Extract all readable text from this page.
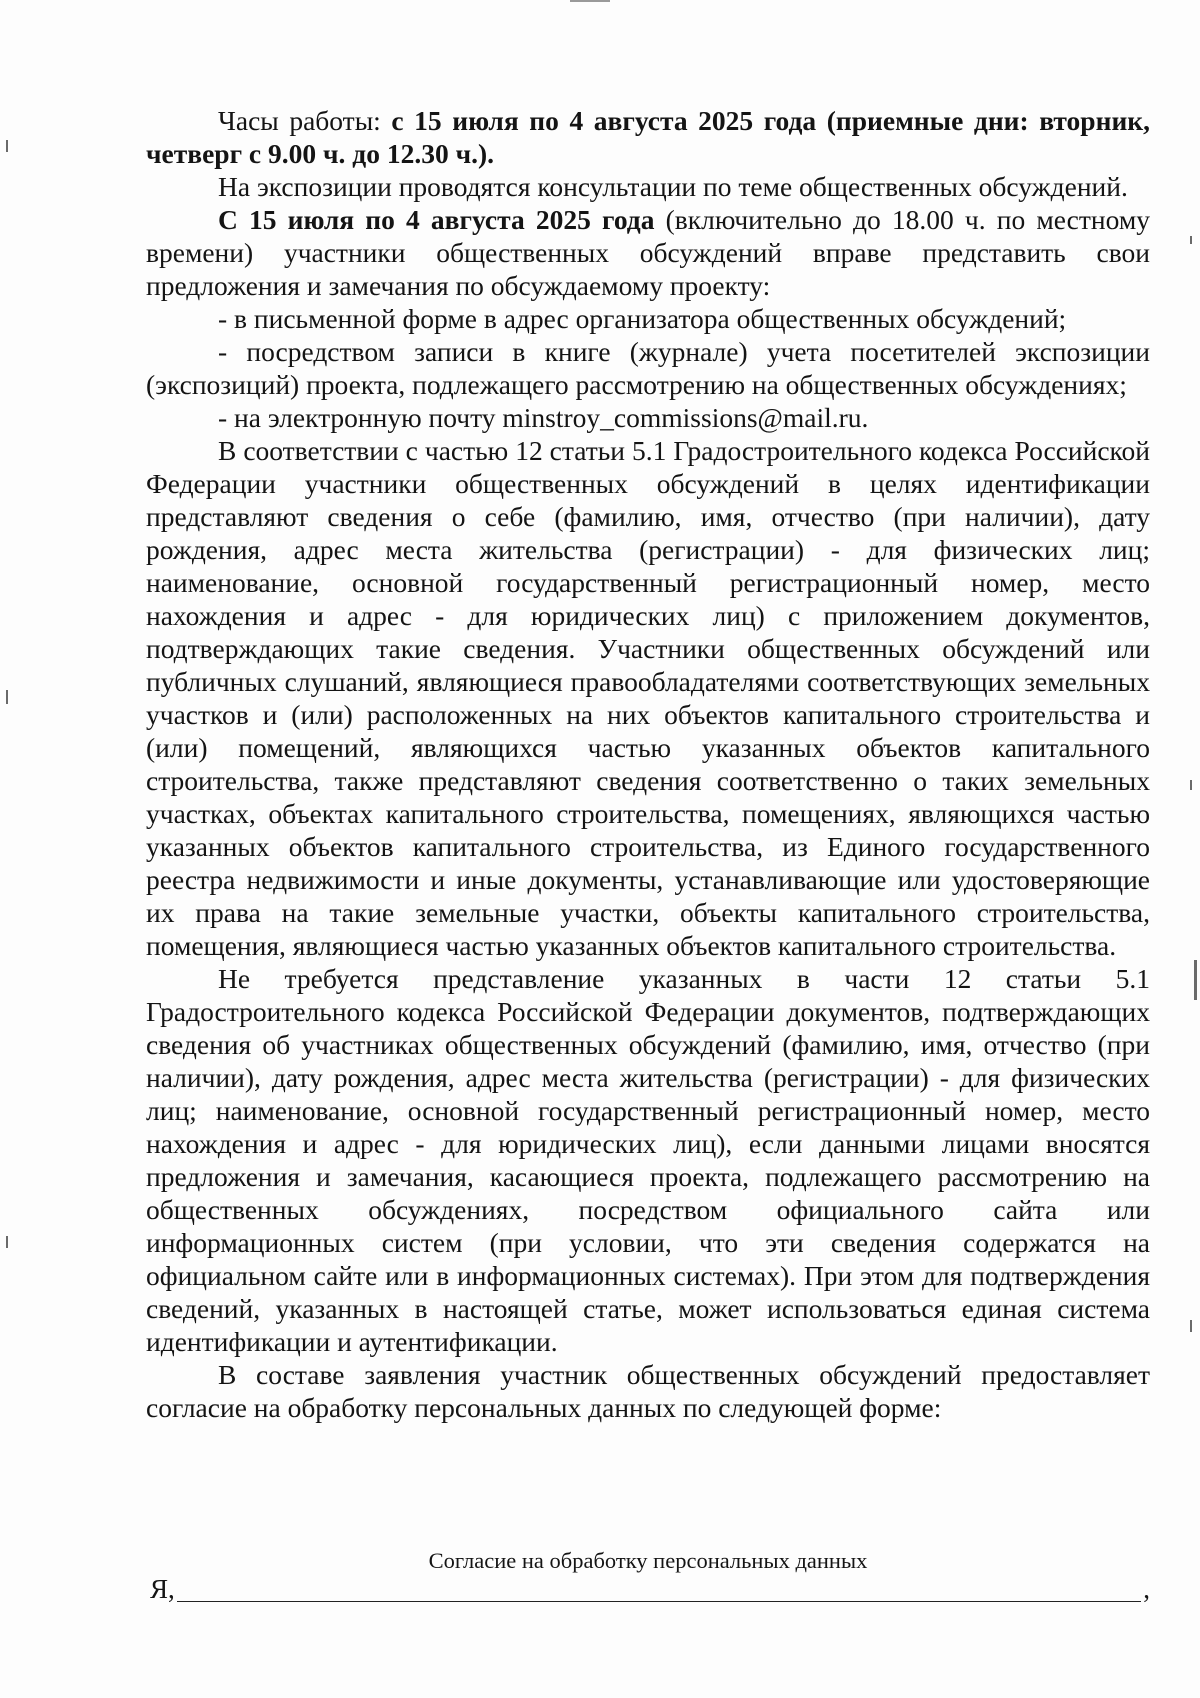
Часы работы: с 15 июля по 4 августа 2025 года (приемные дни: вторник, четверг с 9.00 ч. до 12.30 ч.).

На экспозиции проводятся консультации по теме общественных обсуждений.

С 15 июля по 4 августа 2025 года (включительно до 18.00 ч. по местному времени) участники общественных обсуждений вправе представить свои предложения и замечания по обсуждаемому проекту:

- в письменной форме в адрес организатора общественных обсуждений;

- посредством записи в книге (журнале) учета посетителей экспозиции (экспозиций) проекта, подлежащего рассмотрению на общественных обсуждениях;

- на электронную почту minstroy_commissions@mail.ru.

В соответствии с частью 12 статьи 5.1 Градостроительного кодекса Российской Федерации участники общественных обсуждений в целях идентификации представляют сведения о себе (фамилию, имя, отчество (при наличии), дату рождения, адрес места жительства (регистрации) - для физических лиц; наименование, основной государственный регистрационный номер, место нахождения и адрес - для юридических лиц) с приложением документов, подтверждающих такие сведения. Участники общественных обсуждений или публичных слушаний, являющиеся правообладателями соответствующих земельных участков и (или) расположенных на них объектов капитального строительства и (или) помещений, являющихся частью указанных объектов капитального строительства, также представляют сведения соответственно о таких земельных участках, объектах капитального строительства, помещениях, являющихся частью указанных объектов капитального строительства, из Единого государственного реестра недвижимости и иные документы, устанавливающие или удостоверяющие их права на такие земельные участки, объекты капитального строительства, помещения, являющиеся частью указанных объектов капитального строительства.

Не требуется представление указанных в части 12 статьи 5.1 Градостроительного кодекса Российской Федерации документов, подтверждающих сведения об участниках общественных обсуждений (фамилию, имя, отчество (при наличии), дату рождения, адрес места жительства (регистрации) - для физических лиц; наименование, основной государственный регистрационный номер, место нахождения и адрес - для юридических лиц), если данными лицами вносятся предложения и замечания, касающиеся проекта, подлежащего рассмотрению на общественных обсуждениях, посредством официального сайта или информационных систем (при условии, что эти сведения содержатся на официальном сайте или в информационных системах). При этом для подтверждения сведений, указанных в настоящей статье, может использоваться единая система идентификации и аутентификации.

В составе заявления участник общественных обсуждений предоставляет согласие на обработку персональных данных по следующей форме:

Согласие на обработку персональных данных
Я,	,
